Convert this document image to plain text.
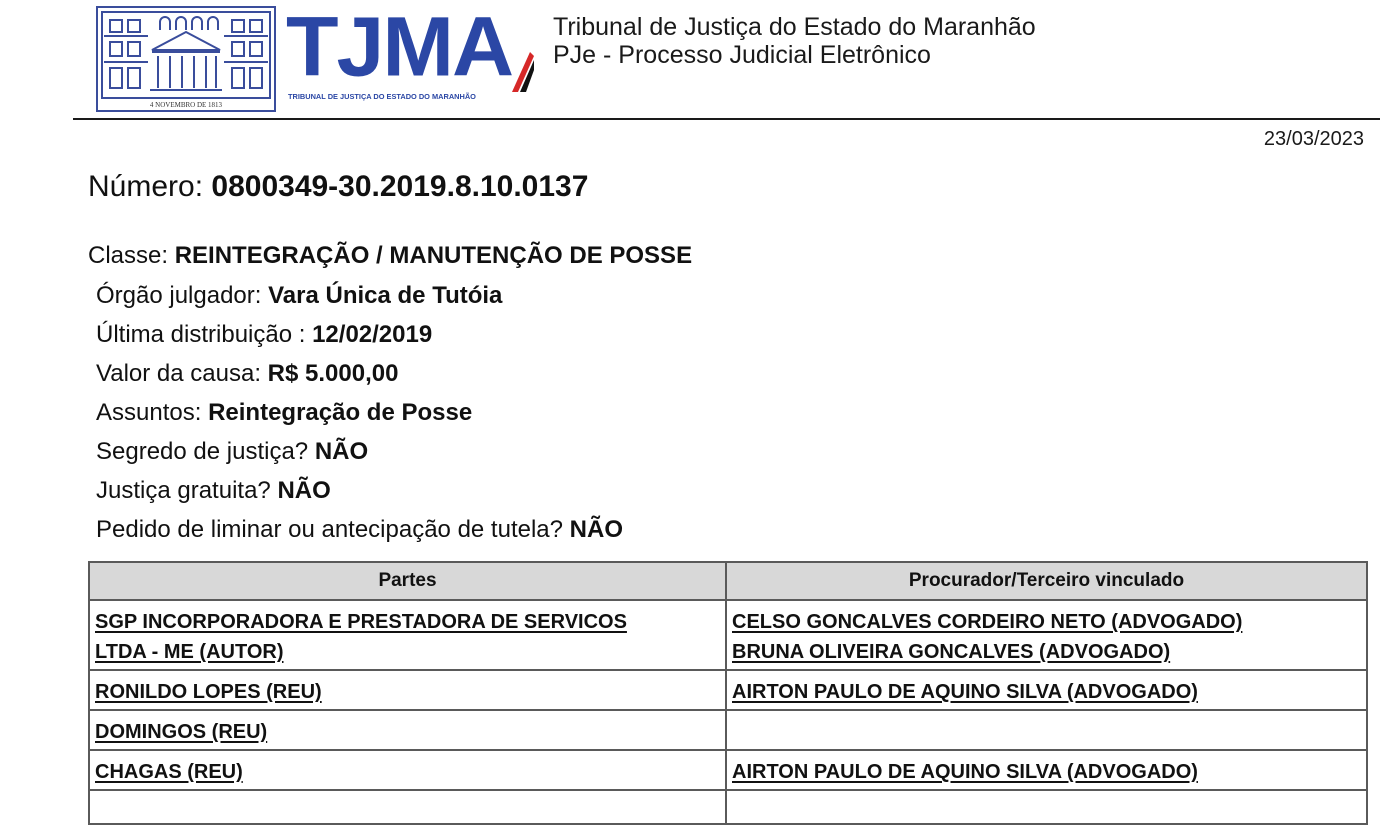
4 NOVEMBRO DE 1813
TJMA
TRIBUNAL DE JUSTIÇA DO ESTADO DO MARANHÃO
Tribunal de Justiça do Estado do Maranhão
PJe - Processo Judicial Eletrônico
23/03/2023
Número: 0800349-30.2019.8.10.0137
Classe: REINTEGRAÇÃO / MANUTENÇÃO DE POSSE
Órgão julgador: Vara Única de Tutóia
Última distribuição : 12/02/2019
Valor da causa: R$ 5.000,00
Assuntos: Reintegração de Posse
Segredo de justiça? NÃO
Justiça gratuita? NÃO
Pedido de liminar ou antecipação de tutela? NÃO
Partes	Procurador/Terceiro vinculado

SGP INCORPORADORA E PRESTADORA DE SERVICOS
LTDA - ME (AUTOR)	CELSO GONCALVES CORDEIRO NETO (ADVOGADO)
BRUNA OLIVEIRA GONCALVES (ADVOGADO)

RONILDO LOPES (REU)	AIRTON PAULO DE AQUINO SILVA (ADVOGADO)

DOMINGOS (REU)	

CHAGAS (REU)	AIRTON PAULO DE AQUINO SILVA (ADVOGADO)
